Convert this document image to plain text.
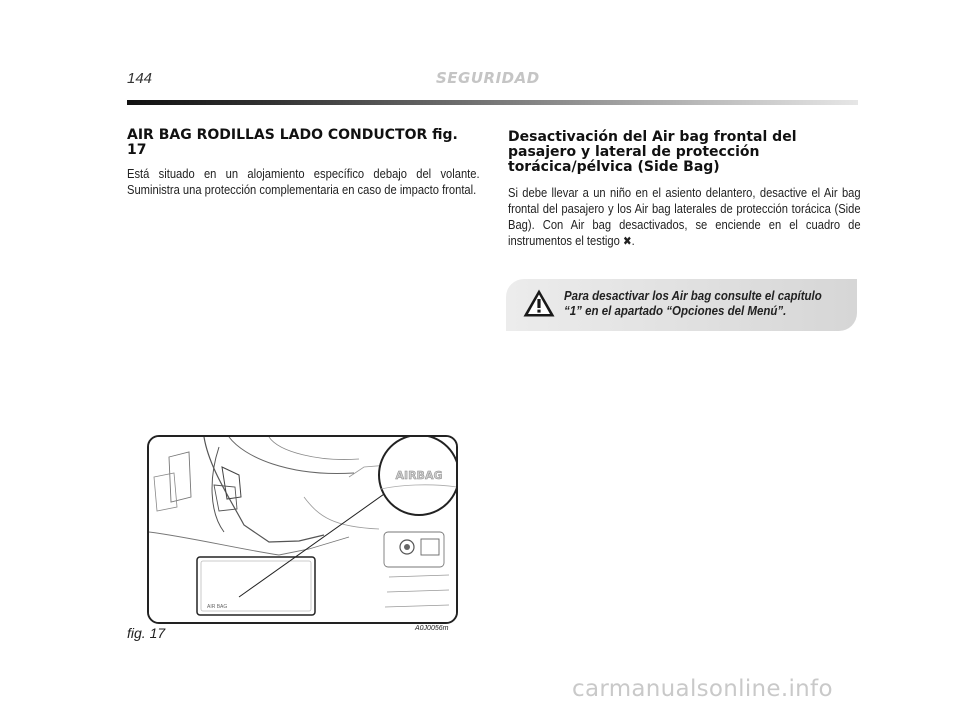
144	SEGURIDAD
AIR BAG RODILLAS LADO CONDUCTOR fig. 17

Está situado en un alojamiento específico debajo del volante. Suministra una protección complementaria en caso de impacto frontal.

Desactivación del Air bag frontal del pasajero y lateral de protección torácica/pélvica (Side Bag)

Si debe llevar a un niño en el asiento delantero, desactive el Air bag frontal del pasajero y los Air bag laterales de protección torácica (Side Bag). Con Air bag desactivados, se enciende en el cuadro de instrumentos el testigo ✖.

Para desactivar los Air bag consulte el capítulo “1” en el apartado “Opciones del Menú”.
AIR BAG
AIRBAG
fig. 17	A0J0056m
carmanualsonline.info
